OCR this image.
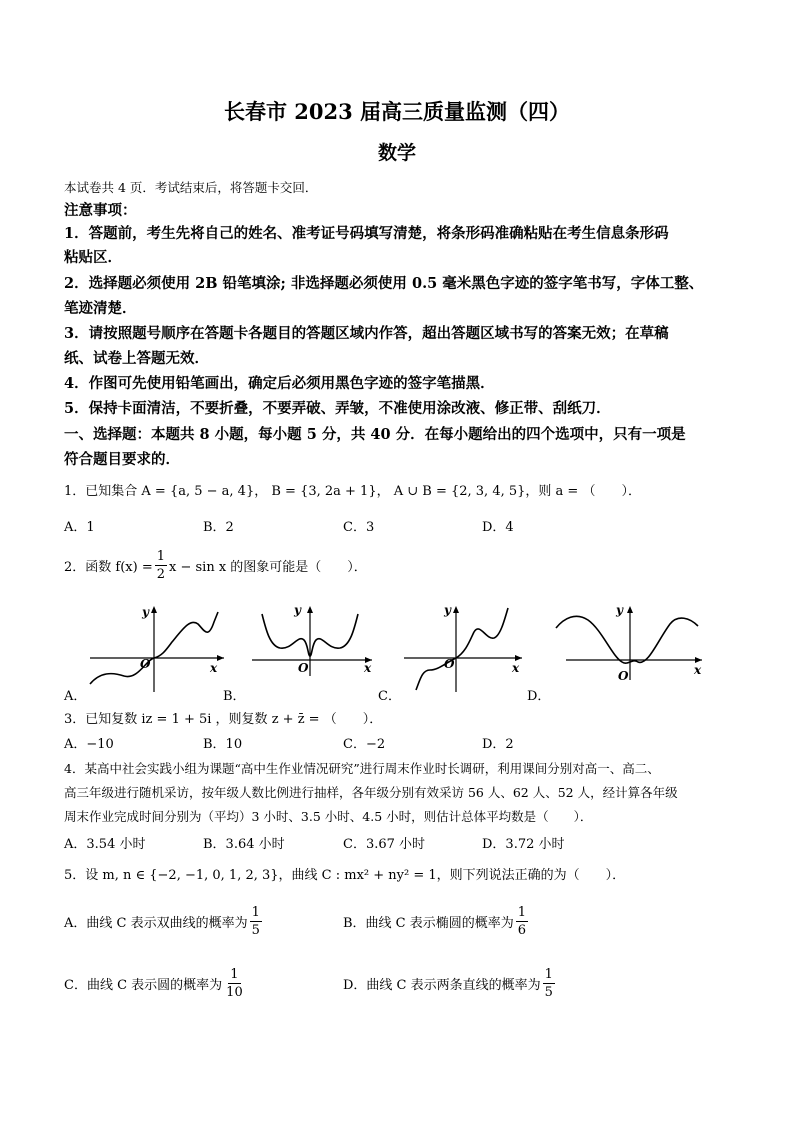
长春市 2023 届高三质量监测（四）
数学
本试卷共 4 页．考试结束后，将答题卡交回．
注意事项：
1．答题前，考生先将自己的姓名、准考证号码填写清楚，将条形码准确粘贴在考生信息条形码
粘贴区．
2．选择题必须使用 2B 铅笔填涂; 非选择题必须使用 0.5 毫米黑色字迹的签字笔书写，字体工整、
笔迹清楚．
3．请按照题号顺序在答题卡各题目的答题区域内作答，超出答题区域书写的答案无效；在草稿
纸、试卷上答题无效．
4．作图可先使用铅笔画出，确定后必须用黑色字迹的签字笔描黑．
5．保持卡面清洁，不要折叠，不要弄破、弄皱，不准使用涂改液、修正带、刮纸刀．
一、选择题：本题共 8 小题，每小题 5 分，共 40 分．在每小题给出的四个选项中，只有一项是
符合题目要求的．
1．已知集合 A = {a, 5 − a, 4}， B = {3, 2a + 1}， A ∪ B = {2, 3, 4, 5}，则 a = （　　）．
A．1	B．2	C．3	D．4
2．函数 $f(x) = \frac{1}{2}$ x − sin x 的图象可能是（　　）．
y
x
O
A．
y
x
O
B．
y
x
O
C．
y
x
O
D．
3．已知复数 iz = 1 + 5i ，则复数 z + z̄ = （　　）．
A．−10	B．10	C．−2	D．2
4．某高中社会实践小组为课题“高中生作业情况研究”进行周末作业时长调研，利用课间分别对高一、高二、
高三年级进行随机采访，按年级人数比例进行抽样，各年级分别有效采访 56 人、62 人、52 人，经计算各年级
周末作业完成时间分别为（平均）3 小时、3.5 小时、4.5 小时，则估计总体平均数是（　　）．
A．3.54 小时	B．3.64 小时	C．3.67 小时	D．3.72 小时
5．设 m, n ∈ {−2, −1, 0, 1, 2, 3}，曲线 C : mx² + ny² = 1，则下列说法正确的为（　　）．
A．曲线 C 表示双曲线的概率为 $\frac{1}{5}$	B．曲线 C 表示椭圆的概率为 $\frac{1}{6}$
C．曲线 C 表示圆的概率为 $\frac{1}{10}$	D．曲线 C 表示两条直线的概率为 $\frac{1}{5}$
